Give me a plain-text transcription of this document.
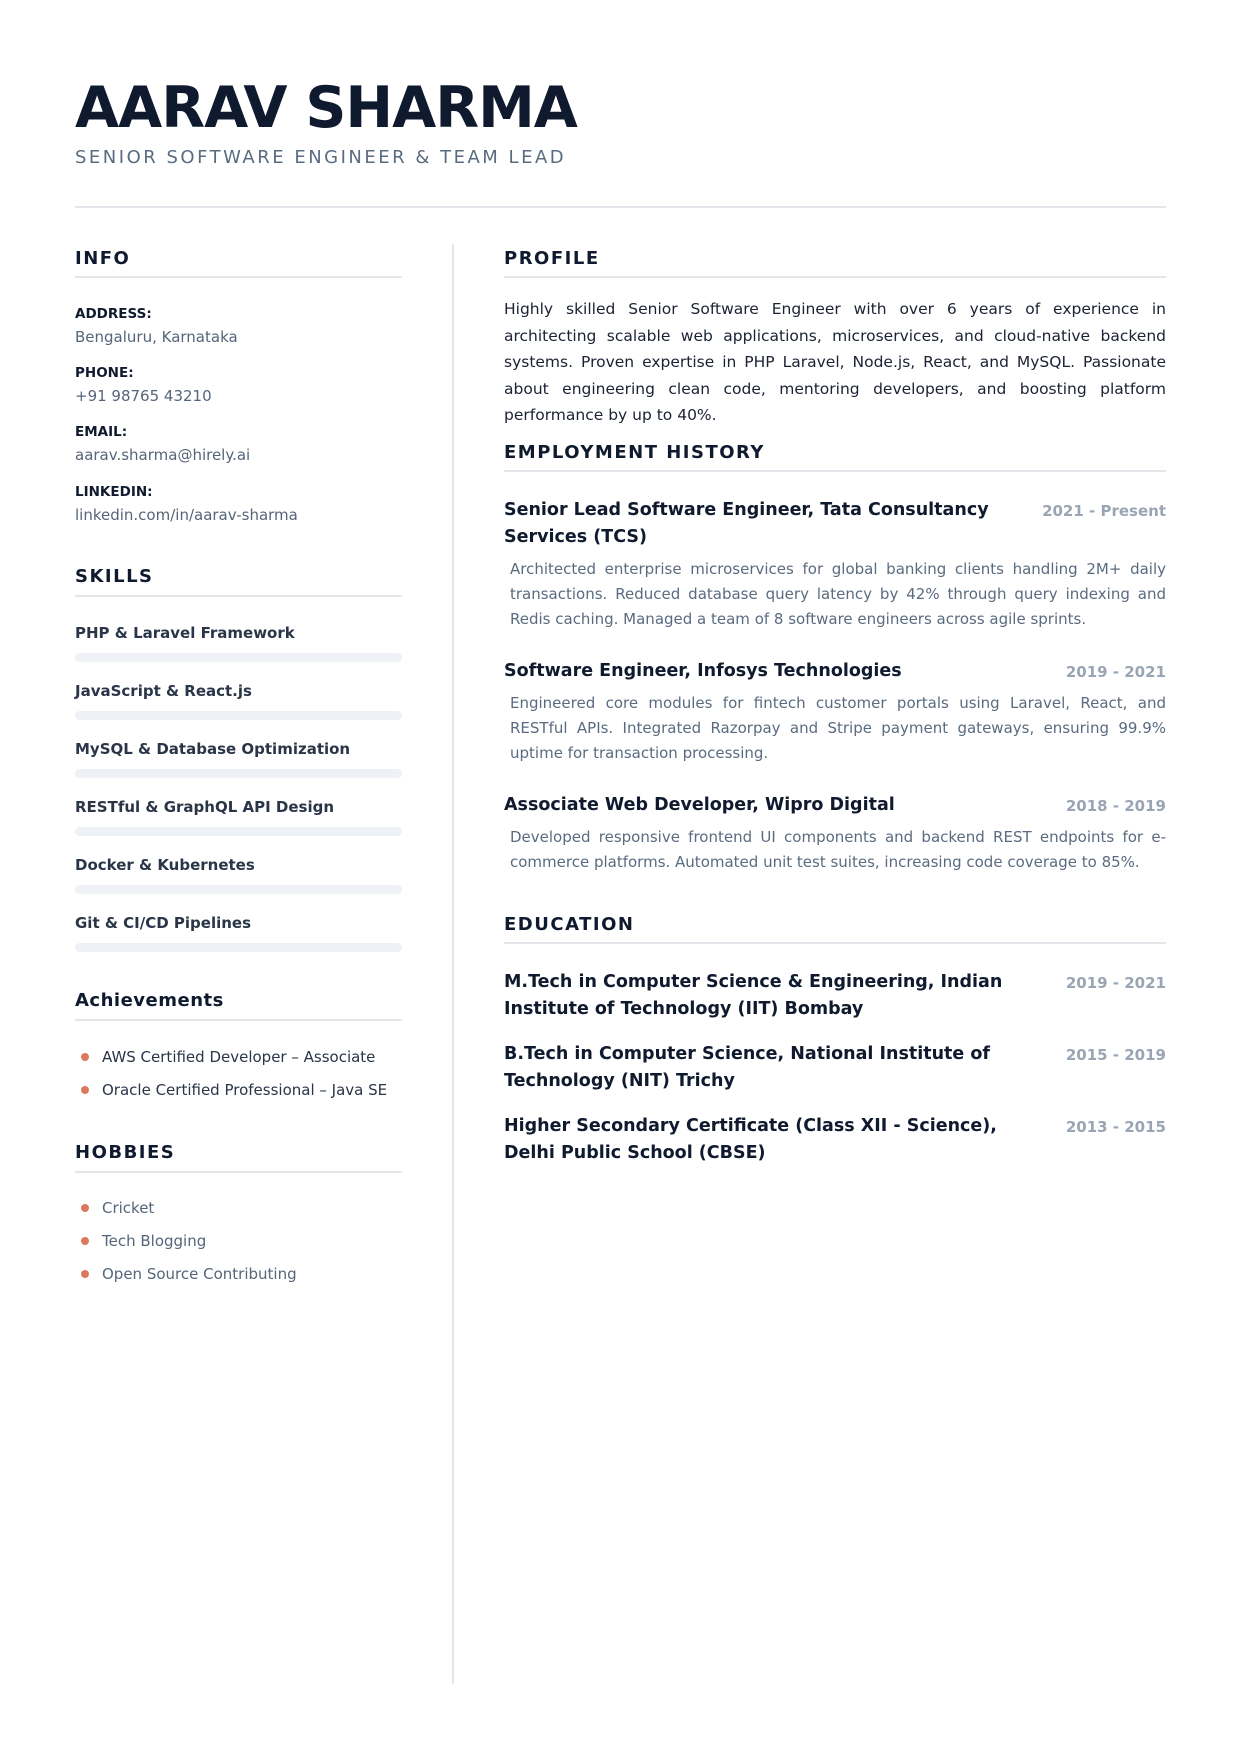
AARAV SHARMA
SENIOR SOFTWARE ENGINEER & TEAM LEAD
INFO
ADDRESS:
Bengaluru, Karnataka
PHONE:
+91 98765 43210
EMAIL:
aarav.sharma@hirely.ai
LINKEDIN:
linkedin.com/in/aarav-sharma
SKILLS
PHP & Laravel Framework
JavaScript & React.js
MySQL & Database Optimization
RESTful & GraphQL API Design
Docker & Kubernetes
Git & CI/CD Pipelines
Achievements
AWS Certified Developer – Associate
Oracle Certified Professional – Java SE
HOBBIES
Cricket
Tech Blogging
Open Source Contributing
PROFILE
Highly skilled Senior Software Engineer with over 6 years of experience in architecting scalable web applications, microservices, and cloud-native backend systems. Proven expertise in PHP Laravel, Node.js, React, and MySQL. Passionate about engineering clean code, mentoring developers, and boosting platform performance by up to 40%.
EMPLOYMENT HISTORY
Senior Lead Software Engineer, Tata Consultancy Services (TCS)
2021 - Present
Architected enterprise microservices for global banking clients handling 2M+ daily transactions. Reduced database query latency by 42% through query indexing and Redis caching. Managed a team of 8 software engineers across agile sprints.
Software Engineer, Infosys Technologies	2019 - 2021
Engineered core modules for fintech customer portals using Laravel, React, and RESTful APIs. Integrated Razorpay and Stripe payment gateways, ensuring 99.9% uptime for transaction processing.
Associate Web Developer, Wipro Digital	2018 - 2019
Developed responsive frontend UI components and backend REST endpoints for e-commerce platforms. Automated unit test suites, increasing code coverage to 85%.
EDUCATION
M.Tech in Computer Science & Engineering, Indian Institute of Technology (IIT) Bombay
2019 - 2021
B.Tech in Computer Science, National Institute of Technology (NIT) Trichy
2015 - 2019
Higher Secondary Certificate (Class XII - Science), Delhi Public School (CBSE)
2013 - 2015
